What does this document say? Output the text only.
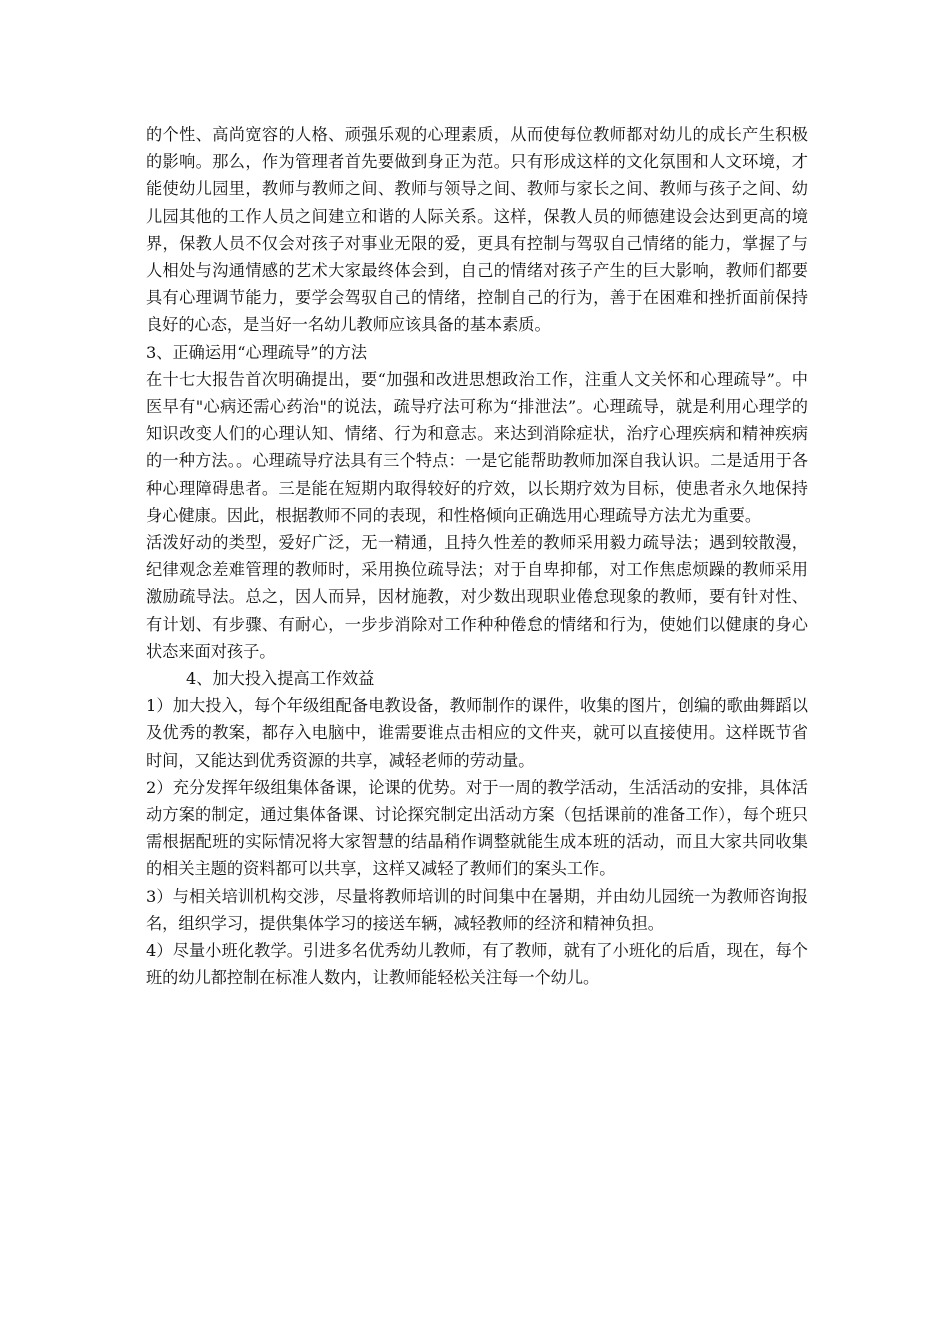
的个性、高尚宽容的人格、顽强乐观的心理素质，从而使每位教师都对幼儿的成长产生积极的影响。那么，作为管理者首先要做到身正为范。只有形成这样的文化氛围和人文环境，才能使幼儿园里，教师与教师之间、教师与领导之间、教师与家长之间、教师与孩子之间、幼儿园其他的工作人员之间建立和谐的人际关系。这样，保教人员的师德建设会达到更高的境界，保教人员不仅会对孩子对事业无限的爱，更具有控制与驾驭自己情绪的能力，掌握了与人相处与沟通情感的艺术大家最终体会到，自己的情绪对孩子产生的巨大影响，教师们都要具有心理调节能力，要学会驾驭自己的情绪，控制自己的行为，善于在困难和挫折面前保持良好的心态，是当好一名幼儿教师应该具备的基本素质。

3、正确运用“心理疏导”的方法

在十七大报告首次明确提出，要“加强和改进思想政治工作，注重人文关怀和心理疏导”。中医早有"心病还需心药治"的说法，疏导疗法可称为“排泄法”。心理疏导，就是利用心理学的知识改变人们的心理认知、情绪、行为和意志。来达到消除症状，治疗心理疾病和精神疾病的一种方法。。心理疏导疗法具有三个特点：一是它能帮助教师加深自我认识。二是适用于各种心理障碍患者。三是能在短期内取得较好的疗效，以长期疗效为目标，使患者永久地保持身心健康。因此，根据教师不同的表现，和性格倾向正确选用心理疏导方法尤为重要。

活泼好动的类型，爱好广泛，无一精通，且持久性差的教师采用毅力疏导法；遇到较散漫，纪律观念差难管理的教师时，采用换位疏导法；对于自卑抑郁，对工作焦虑烦躁的教师采用激励疏导法。总之，因人而异，因材施教，对少数出现职业倦怠现象的教师，要有针对性、有计划、有步骤、有耐心，一步步消除对工作种种倦怠的情绪和行为，使她们以健康的身心状态来面对孩子。

4、加大投入提高工作效益

1）加大投入，每个年级组配备电教设备，教师制作的课件，收集的图片，创编的歌曲舞蹈以及优秀的教案，都存入电脑中，谁需要谁点击相应的文件夹，就可以直接使用。这样既节省时间，又能达到优秀资源的共享，减轻老师的劳动量。

2）充分发挥年级组集体备课，论课的优势。对于一周的教学活动，生活活动的安排，具体活动方案的制定，通过集体备课、讨论探究制定出活动方案（包括课前的准备工作），每个班只需根据配班的实际情况将大家智慧的结晶稍作调整就能生成本班的活动，而且大家共同收集的相关主题的资料都可以共享，这样又减轻了教师们的案头工作。

3）与相关培训机构交涉，尽量将教师培训的时间集中在暑期，并由幼儿园统一为教师咨询报名，组织学习，提供集体学习的接送车辆，减轻教师的经济和精神负担。

4）尽量小班化教学。引进多名优秀幼儿教师，有了教师，就有了小班化的后盾，现在，每个班的幼儿都控制在标准人数内，让教师能轻松关注每一个幼儿。
